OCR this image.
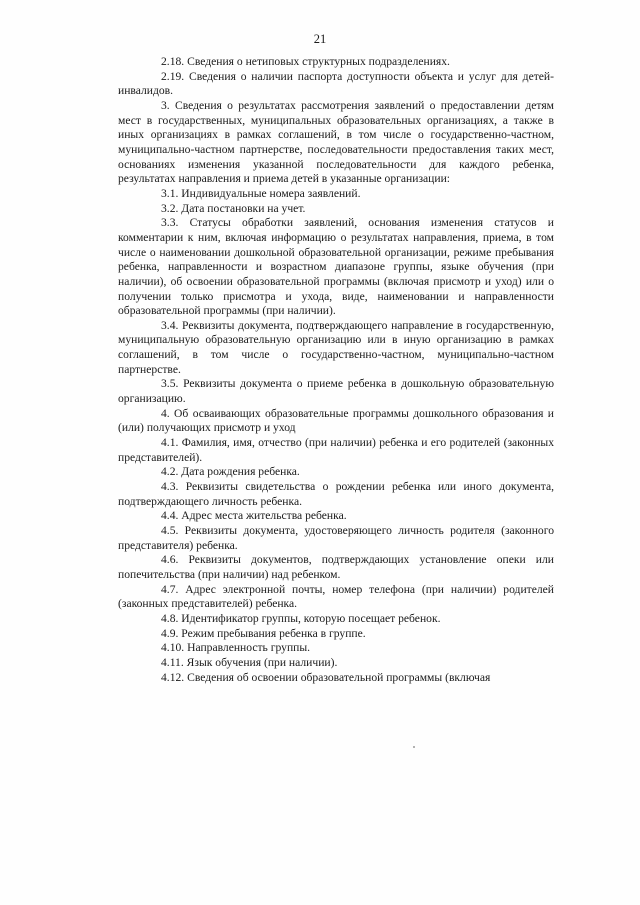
21

2.18. Сведения о нетиповых структурных подразделениях.

2.19. Сведения о наличии паспорта доступности объекта и услуг для детей-инвалидов.

3. Сведения о результатах рассмотрения заявлений о предоставлении детям мест в государственных, муниципальных образовательных организациях, а также в иных организациях в рамках соглашений, в том числе о государственно-частном, муниципально-частном партнерстве, последовательности предоставления таких мест, основаниях изменения указанной последовательности для каждого ребенка, результатах направления и приема детей в указанные организации:

3.1. Индивидуальные номера заявлений.

3.2. Дата постановки на учет.

3.3. Статусы обработки заявлений, основания изменения статусов и комментарии к ним, включая информацию о результатах направления, приема, в том числе о наименовании дошкольной образовательной организации, режиме пребывания ребенка, направленности и возрастном диапазоне группы, языке обучения (при наличии), об освоении образовательной программы (включая присмотр и уход) или о получении только присмотра и ухода, виде, наименовании и направленности образовательной программы (при наличии).

3.4. Реквизиты документа, подтверждающего направление в государственную, муниципальную образовательную организацию или в иную организацию в рамках соглашений, в том числе о государственно-частном, муниципально-частном партнерстве.

3.5. Реквизиты документа о приеме ребенка в дошкольную образовательную организацию.

4. Об осваивающих образовательные программы дошкольного образования и (или) получающих присмотр и уход

4.1. Фамилия, имя, отчество (при наличии) ребенка и его родителей (законных представителей).

4.2. Дата рождения ребенка.

4.3. Реквизиты свидетельства о рождении ребенка или иного документа, подтверждающего личность ребенка.

4.4. Адрес места жительства ребенка.

4.5. Реквизиты документа, удостоверяющего личность родителя (законного представителя) ребенка.

4.6. Реквизиты документов, подтверждающих установление опеки или попечительства (при наличии) над ребенком.

4.7. Адрес электронной почты, номер телефона (при наличии) родителей (законных представителей) ребенка.

4.8. Идентификатор группы, которую посещает ребенок.

4.9. Режим пребывания ребенка в группе.

4.10. Направленность группы.

4.11. Язык обучения (при наличии).

4.12. Сведения об освоении образовательной программы (включая
